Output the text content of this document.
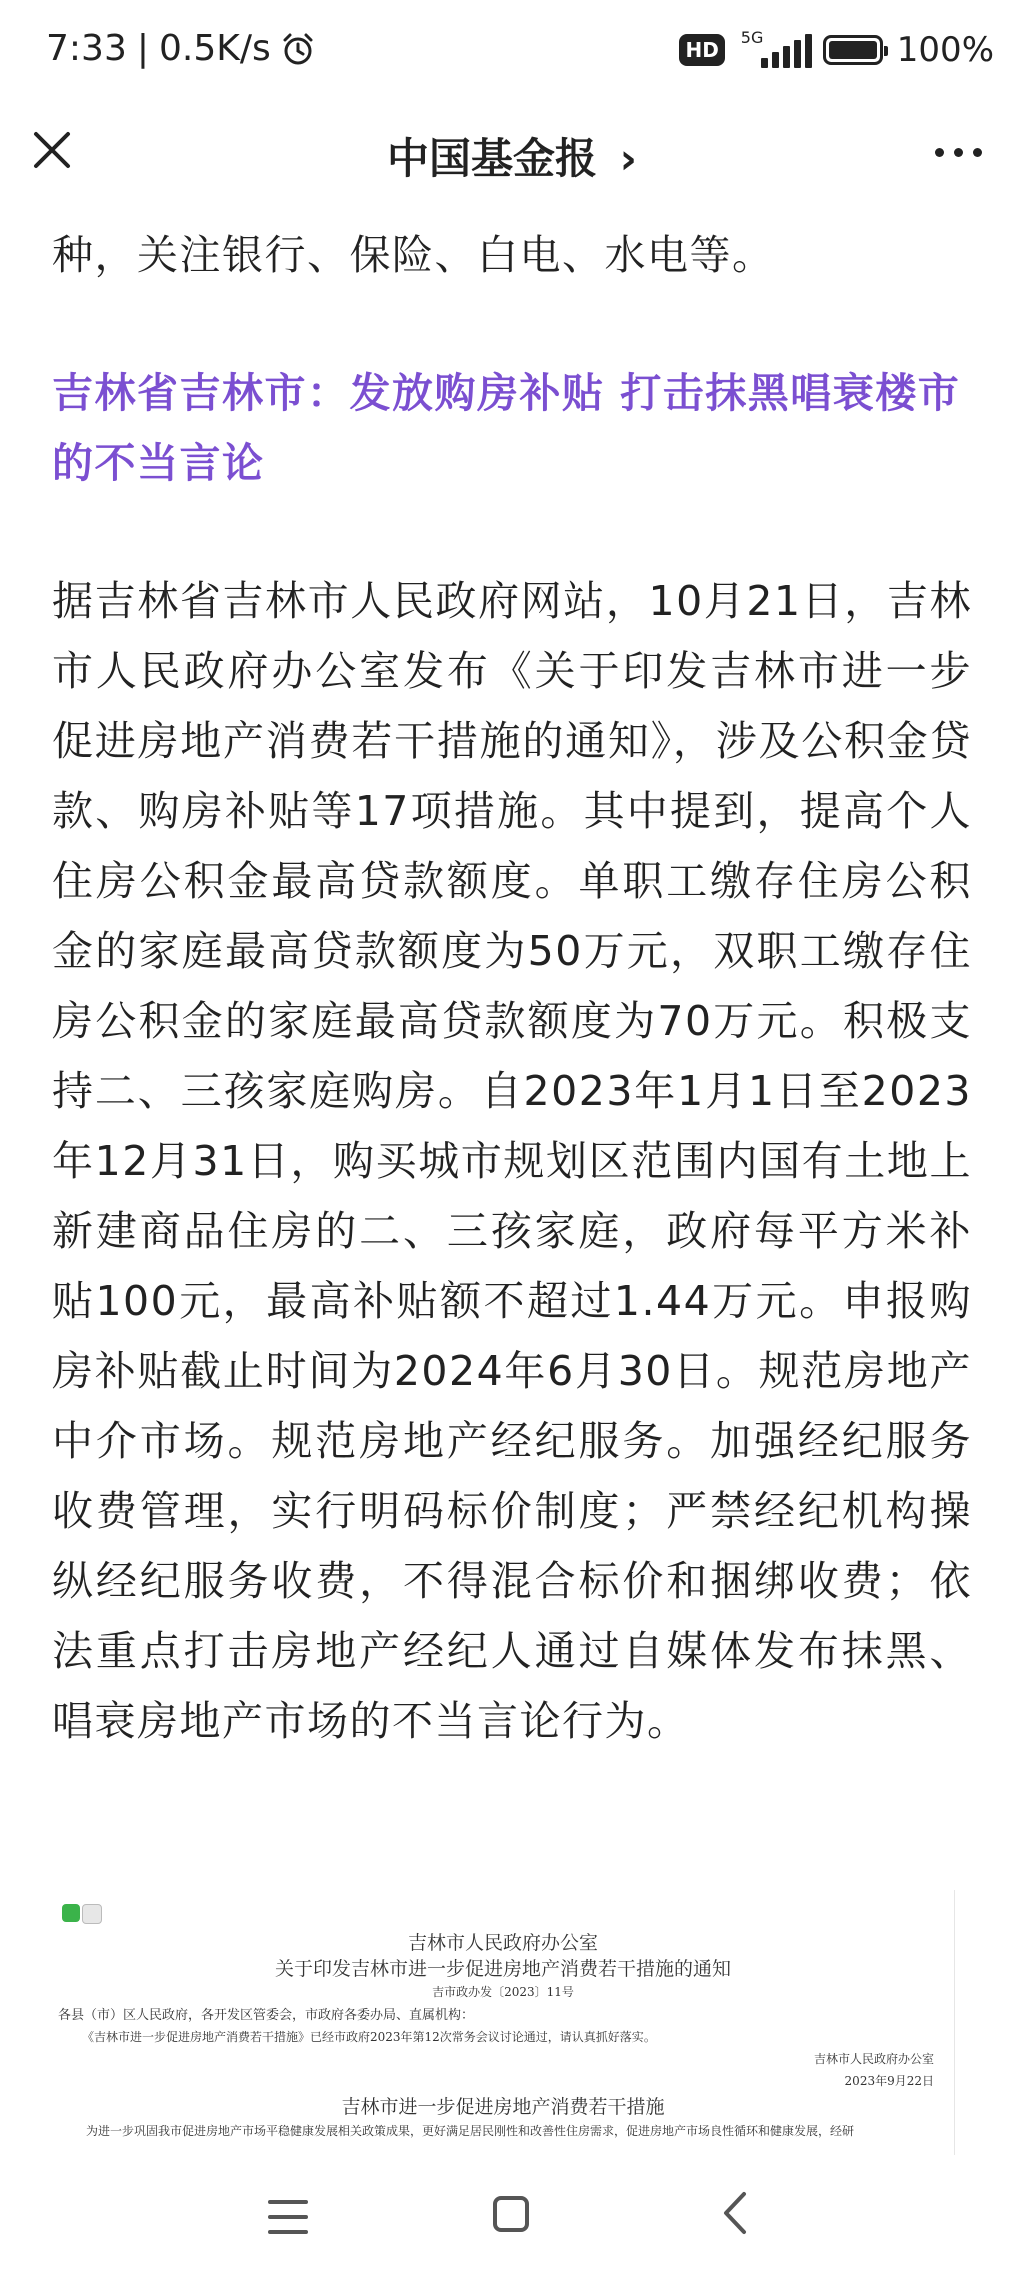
7:33 | 0.5K/s	HD
5G	100%
中国基金报 ›

种，关注银行、保险、白电、水电等。

吉林省吉林市：发放购房补贴 打击抹黑唱衰楼市的不当言论

据吉林省吉林市人民政府网站，10月21日，吉林市人民政府办公室发布《关于印发吉林市进一步促进房地产消费若干措施的通知》，涉及公积金贷款、购房补贴等17项措施。其中提到，提高个人住房公积金最高贷款额度。单职工缴存住房公积金的家庭最高贷款额度为50万元，双职工缴存住房公积金的家庭最高贷款额度为70万元。积极支持二、三孩家庭购房。自2023年1月1日至2023年12月31日，购买城市规划区范围内国有土地上新建商品住房的二、三孩家庭，政府每平方米补贴100元，最高补贴额不超过1.44万元。申报购房补贴截止时间为2024年6月30日。规范房地产中介市场。规范房地产经纪服务。加强经纪服务收费管理，实行明码标价制度；严禁经纪机构操纵经纪服务收费，不得混合标价和捆绑收费；依法重点打击房地产经纪人通过自媒体发布抹黑、唱衰房地产市场的不当言论行为。

吉林市人民政府办公室
关于印发吉林市进一步促进房地产消费若干措施的通知
吉市政办发〔2023〕11号
各县（市）区人民政府，各开发区管委会，市政府各委办局、直属机构：
《吉林市进一步促进房地产消费若干措施》已经市政府2023年第12次常务会议讨论通过，请认真抓好落实。
吉林市人民政府办公室
2023年9月22日
吉林市进一步促进房地产消费若干措施
为进一步巩固我市促进房地产市场平稳健康发展相关政策成果，更好满足居民刚性和改善性住房需求，促进房地产市场良性循环和健康发展，经研
